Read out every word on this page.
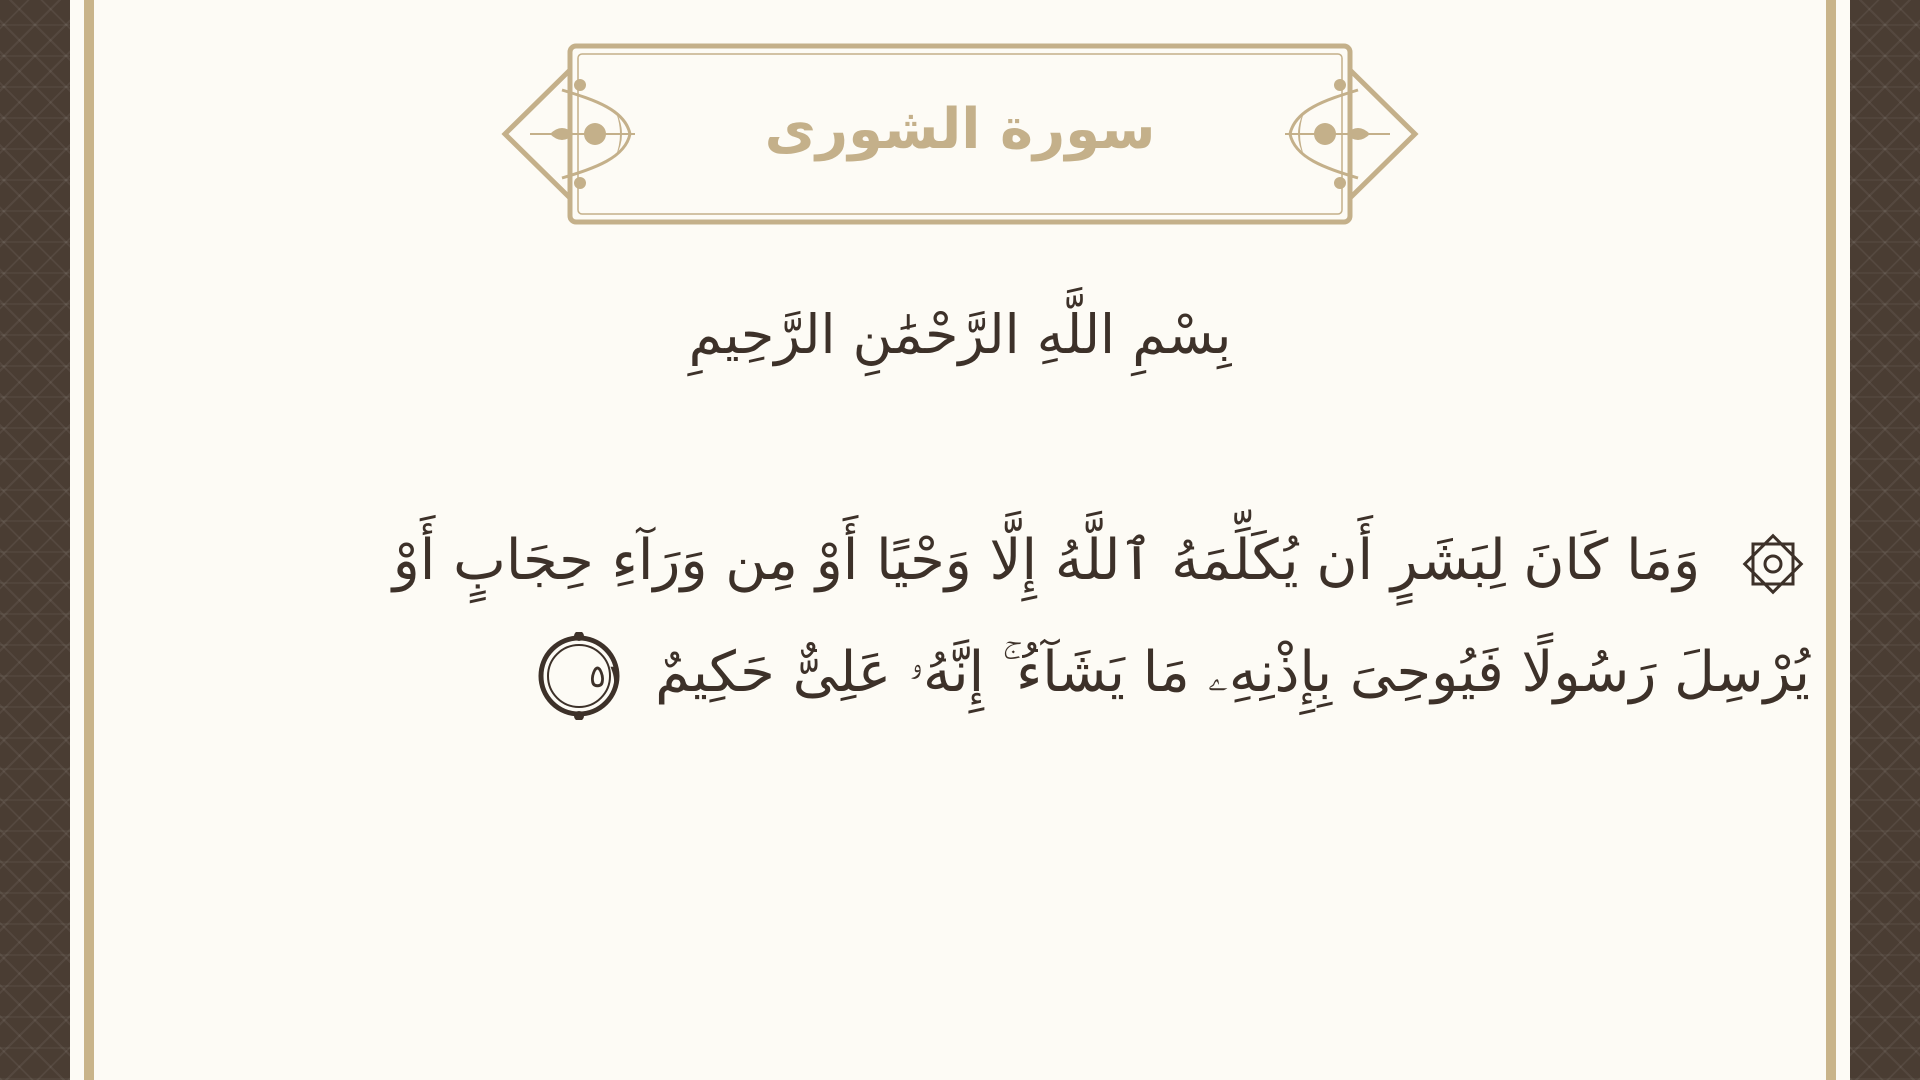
سورة الشورى
بِسْمِ اللَّهِ الرَّحْمَٰنِ الرَّحِيمِ
وَمَا كَانَ لِبَشَرٍ أَن يُكَلِّمَهُ ٱللَّهُ إِلَّا وَحْيًا أَوْ مِن وَرَآءِ حِجَابٍ أَوْ
يُرْسِلَ رَسُولًا فَيُوحِىَ بِإِذْنِهِۦ مَا يَشَآءُ ۚ إِنَّهُۥ عَلِىٌّ حَكِيمٌ
٥١
